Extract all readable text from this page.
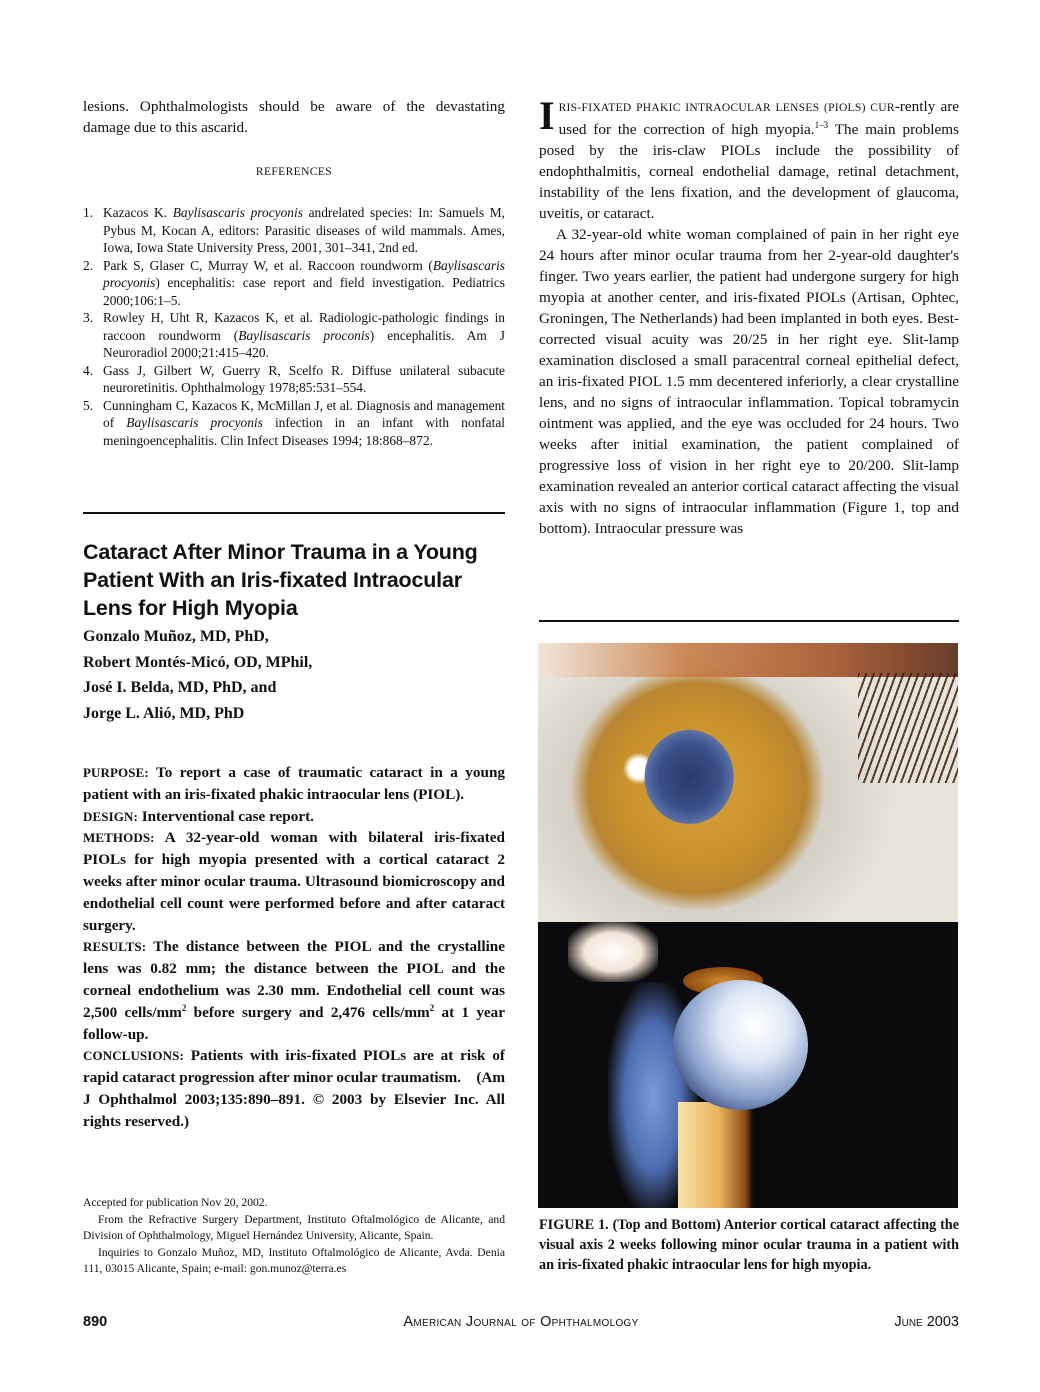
lesions. Ophthalmologists should be aware of the devastating damage due to this ascarid.

REFERENCES
1. Kazacos K. Baylisascaris procyonis andrelated species: In: Samuels M, Pybus M, Kocan A, editors: Parasitic diseases of wild mammals. Ames, Iowa, Iowa State University Press, 2001, 301–341, 2nd ed.
2. Park S, Glaser C, Murray W, et al. Raccoon roundworm (Baylisascaris procyonis) encephalitis: case report and field investigation. Pediatrics 2000;106:1–5.
3. Rowley H, Uht R, Kazacos K, et al. Radiologic-pathologic findings in raccoon roundworm (Baylisascaris proconis) encephalitis. Am J Neuroradiol 2000;21:415–420.
4. Gass J, Gilbert W, Guerry R, Scelfo R. Diffuse unilateral subacute neuroretinitis. Ophthalmology 1978;85:531–554.
5. Cunningham C, Kazacos K, McMillan J, et al. Diagnosis and management of Baylisascaris procyonis infection in an infant with nonfatal meningoencephalitis. Clin Infect Diseases 1994; 18:868–872.
Cataract After Minor Trauma in a Young Patient With an Iris-fixated Intraocular Lens for High Myopia
Gonzalo Muñoz, MD, PhD,
Robert Montés-Micó, OD, MPhil,
José I. Belda, MD, PhD, and
Jorge L. Alió, MD, PhD

PURPOSE: To report a case of traumatic cataract in a young patient with an iris-fixated phakic intraocular lens (PIOL).

DESIGN: Interventional case report.

METHODS: A 32-year-old woman with bilateral iris-fixated PIOLs for high myopia presented with a cortical cataract 2 weeks after minor ocular trauma. Ultrasound biomicroscopy and endothelial cell count were performed before and after cataract surgery.

RESULTS: The distance between the PIOL and the crystalline lens was 0.82 mm; the distance between the PIOL and the corneal endothelium was 2.30 mm. Endothelial cell count was 2,500 cells/$mm^2$ before surgery and 2,476 cells/$mm^2$ at 1 year follow-up.

CONCLUSIONS: Patients with iris-fixated PIOLs are at risk of rapid cataract progression after minor ocular traumatism. (Am J Ophthalmol 2003;135:890–891. © 2003 by Elsevier Inc. All rights reserved.)

Accepted for publication Nov 20, 2002.

From the Refractive Surgery Department, Instituto Oftalmológico de Alicante, and Division of Ophthalmology, Miguel Hernández University, Alicante, Spain.

Inquiries to Gonzalo Muñoz, MD, Instituto Oftalmológico de Alicante, Avda. Denia 111, 03015 Alicante, Spain; e-mail: gon.munoz@terra.es

IRIS-FIXATED PHAKIC INTRAOCULAR LENSES (PIOLS) CUR-rently are used for the correction of high myopia.$^{1-3}$ The main problems posed by the iris-claw PIOLs include the possibility of endophthalmitis, corneal endothelial damage, retinal detachment, instability of the lens fixation, and the development of glaucoma, uveitis, or cataract.

A 32-year-old white woman complained of pain in her right eye 24 hours after minor ocular trauma from her 2-year-old daughter's finger. Two years earlier, the patient had undergone surgery for high myopia at another center, and iris-fixated PIOLs (Artisan, Ophtec, Groningen, The Netherlands) had been implanted in both eyes. Best-corrected visual acuity was 20/25 in her right eye. Slit-lamp examination disclosed a small paracentral corneal epithelial defect, an iris-fixated PIOL 1.5 mm decentered inferiorly, a clear crystalline lens, and no signs of intraocular inflammation. Topical tobramycin ointment was applied, and the eye was occluded for 24 hours. Two weeks after initial examination, the patient complained of progressive loss of vision in her right eye to 20/200. Slit-lamp examination revealed an anterior cortical cataract affecting the visual axis with no signs of intraocular inflammation (Figure 1, top and bottom). Intraocular pressure was

FIGURE 1. (Top and Bottom) Anterior cortical cataract affecting the visual axis 2 weeks following minor ocular trauma in a patient with an iris-fixated phakic intraocular lens for high myopia.
890	American Journal of Ophthalmology	June 2003
